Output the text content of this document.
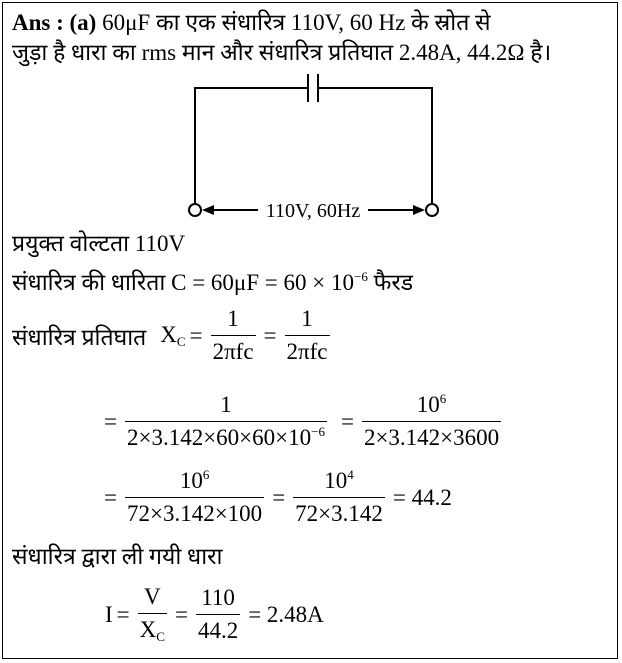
Ans : (a) 60μF का एक संधारित्र 110V, 60 Hz के स्रोत से
जुड़ा है धारा का rms मान और संधारित्र प्रतिघात 2.48A, 44.2Ω है।
110V, 60Hz
प्रयुक्त वोल्टता 110V
संधारित्र की धारिता $C = 60\mu F = 60 \times 10^{-6}$ फैरड
संधारित्र प्रतिघात $X_C = \frac{1}{\text{2πfc}} = \frac{1}{\text{2πfc}}$
= $\frac{1}{2\times 3.142\times 60\times 60\times 10^{-6}} = \frac{10^6}{2\times 3.142\times 3600}$
= $\frac{10^6}{72\times 3.142\times 100} = \frac{10^4}{72\times 3.142} = 44.2$
संधारित्र द्वारा ली गयी धारा
$I = \frac{V}{X_C} = \frac{110}{44.2} = 2.48A$
